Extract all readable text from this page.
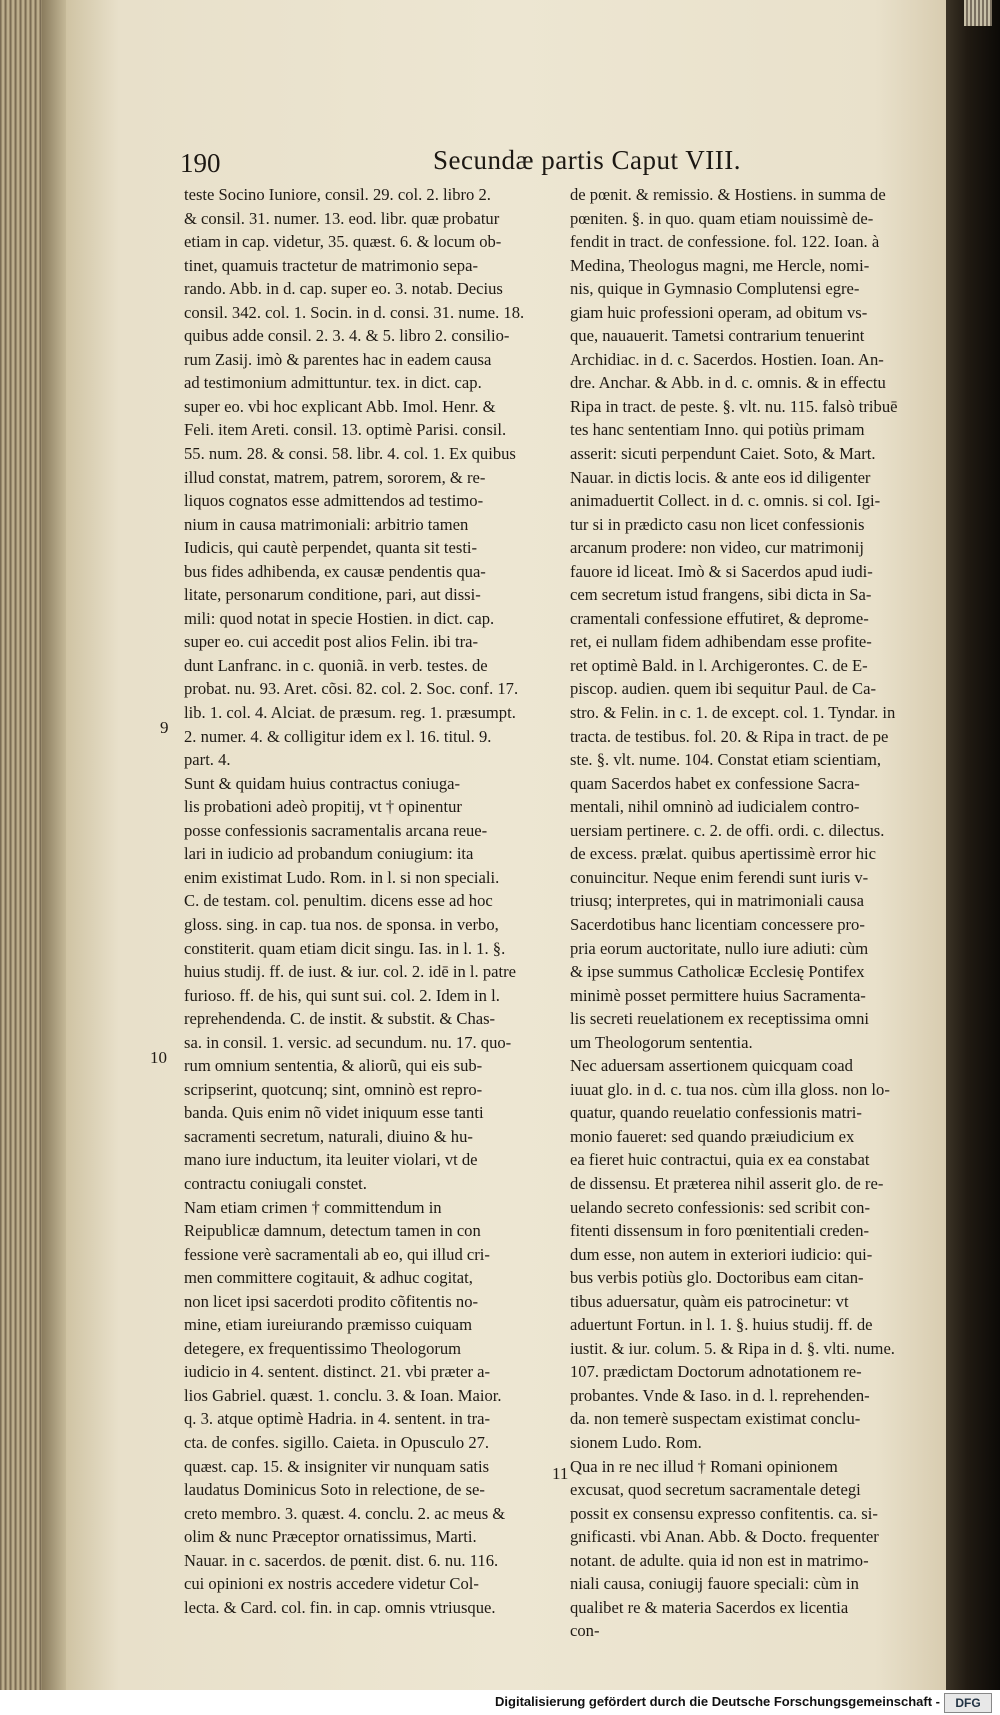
190	Secundæ partis Caput VIII.
teste Socino Iuniore, consil. 29. col. 2. libro 2.
& consil. 31. numer. 13. eod. libr. quæ probatur
etiam in cap. videtur, 35. quæst. 6. & locum ob-
tinet, quamuis tractetur de matrimonio sepa-
rando. Abb. in d. cap. super eo. 3. notab. Decius
consil. 342. col. 1. Socin. in d. consi. 31. nume. 18.
quibus adde consil. 2. 3. 4. & 5. libro 2. consilio-
rum Zasij. imò & parentes hac in eadem causa
ad testimonium admittuntur. tex. in dict. cap.
super eo. vbi hoc explicant Abb. Imol. Henr. &
Feli. item Areti. consil. 13. optimè Parisi. consil.
55. num. 28. & consi. 58. libr. 4. col. 1. Ex quibus
illud constat, matrem, patrem, sororem, & re-
liquos cognatos esse admittendos ad testimo-
nium in causa matrimoniali: arbitrio tamen
Iudicis, qui cautè perpendet, quanta sit testi-
bus fides adhibenda, ex causæ pendentis qua-
litate, personarum conditione, pari, aut dissi-
mili: quod notat in specie Hostien. in dict. cap.
super eo. cui accedit post alios Felin. ibi tra-
dunt Lanfranc. in c. quoniã. in verb. testes. de
probat. nu. 93. Aret. cõsi. 82. col. 2. Soc. conf. 17.
lib. 1. col. 4. Alciat. de præsum. reg. 1. præsumpt.
2. numer. 4. & colligitur idem ex l. 16. titul. 9.
part. 4.
Sunt & quidam huius contractus coniuga-
lis probationi adeò propitij, vt † opinentur
posse confessionis sacramentalis arcana reue-
lari in iudicio ad probandum coniugium: ita
enim existimat Ludo. Rom. in l. si non speciali.
C. de testam. col. penultim. dicens esse ad hoc
gloss. sing. in cap. tua nos. de sponsa. in verbo,
constiterit. quam etiam dicit singu. Ias. in l. 1. §.
huius studij. ff. de iust. & iur. col. 2. idē in l. patre
furioso. ff. de his, qui sunt sui. col. 2. Idem in l.
reprehendenda. C. de instit. & substit. & Chas-
sa. in consil. 1. versic. ad secundum. nu. 17. quo-
rum omnium sententia, & aliorũ, qui eis sub-
scripserint, quotcunq; sint, omninò est repro-
banda. Quis enim nõ videt iniquum esse tanti
sacramenti secretum, naturali, diuino & hu-
mano iure inductum, ita leuiter violari, vt de
contractu coniugali constet.
Nam etiam crimen † committendum in
Reipublicæ damnum, detectum tamen in con
fessione verè sacramentali ab eo, qui illud cri-
men committere cogitauit, & adhuc cogitat,
non licet ipsi sacerdoti prodito cõfitentis no-
mine, etiam iureiurando præmisso cuiquam
detegere, ex frequentissimo Theologorum
iudicio in 4. sentent. distinct. 21. vbi præter a-
lios Gabriel. quæst. 1. conclu. 3. & Ioan. Maior.
q. 3. atque optimè Hadria. in 4. sentent. in tra-
cta. de confes. sigillo. Caieta. in Opusculo 27.
quæst. cap. 15. & insigniter vir nunquam satis
laudatus Dominicus Soto in relectione, de se-
creto membro. 3. quæst. 4. conclu. 2. ac meus &
olim & nunc Præceptor ornatissimus, Marti.
Nauar. in c. sacerdos. de pœnit. dist. 6. nu. 116.
cui opinioni ex nostris accedere videtur Col-
lecta. & Card. col. fin. in cap. omnis vtriusque.
de pœnit. & remissio. & Hostiens. in summa de
pœniten. §. in quo. quam etiam nouissimè de-
fendit in tract. de confessione. fol. 122. Ioan. à
Medina, Theologus magni, me Hercle, nomi-
nis, quique in Gymnasio Complutensi egre-
giam huic professioni operam, ad obitum vs-
que, nauauerit. Tametsi contrarium tenuerint
Archidiac. in d. c. Sacerdos. Hostien. Ioan. An-
dre. Anchar. & Abb. in d. c. omnis. & in effectu
Ripa in tract. de peste. §. vlt. nu. 115. falsò tribuē
tes hanc sententiam Inno. qui potiùs primam
asserit: sicuti perpendunt Caiet. Soto, & Mart.
Nauar. in dictis locis. & ante eos id diligenter
animaduertit Collect. in d. c. omnis. si col. Igi-
tur si in prædicto casu non licet confessionis
arcanum prodere: non video, cur matrimonij
fauore id liceat. Imò & si Sacerdos apud iudi-
cem secretum istud frangens, sibi dicta in Sa-
cramentali confessione effutiret, & deprome-
ret, ei nullam fidem adhibendam esse profite-
ret optimè Bald. in l. Archigerontes. C. de E-
piscop. audien. quem ibi sequitur Paul. de Ca-
stro. & Felin. in c. 1. de except. col. 1. Tyndar. in
tracta. de testibus. fol. 20. & Ripa in tract. de pe
ste. §. vlt. nume. 104. Constat etiam scientiam,
quam Sacerdos habet ex confessione Sacra-
mentali, nihil omninò ad iudicialem contro-
uersiam pertinere. c. 2. de offi. ordi. c. dilectus.
de excess. prælat. quibus apertissimè error hic
conuincitur. Neque enim ferendi sunt iuris v-
triusq; interpretes, qui in matrimoniali causa
Sacerdotibus hanc licentiam concessere pro-
pria eorum auctoritate, nullo iure adiuti: cùm
& ipse summus Catholicæ Ecclesię Pontifex
minimè posset permittere huius Sacramenta-
lis secreti reuelationem ex receptissima omni
um Theologorum sententia.
Nec aduersam assertionem quicquam coad
iuuat glo. in d. c. tua nos. cùm illa gloss. non lo-
quatur, quando reuelatio confessionis matri-
monio faueret: sed quando præiudicium ex
ea fieret huic contractui, quia ex ea constabat
de dissensu. Et præterea nihil asserit glo. de re-
uelando secreto confessionis: sed scribit con-
fitenti dissensum in foro pœnitentiali creden-
dum esse, non autem in exteriori iudicio: qui-
bus verbis potiùs glo. Doctoribus eam citan-
tibus aduersatur, quàm eis patrocinetur: vt
aduertunt Fortun. in l. 1. §. huius studij. ff. de
iustit. & iur. colum. 5. & Ripa in d. §. vlti. nume.
107. prædictam Doctorum adnotationem re-
probantes. Vnde & Iaso. in d. l. reprehenden-
da. non temerè suspectam existimat conclu-
sionem Ludo. Rom.
Qua in re nec illud † Romani opinionem
excusat, quod secretum sacramentale detegi
possit ex consensu expresso confitentis. ca. si-
gnificasti. vbi Anan. Abb. & Docto. frequenter
notant. de adulte. quia id non est in matrimo-
niali causa, coniugij fauore speciali: cùm in
qualibet re & materia Sacerdos ex licentia
con-
9
10
11
Digitalisierung gefördert durch die Deutsche Forschungsgemeinschaft -	DFG
